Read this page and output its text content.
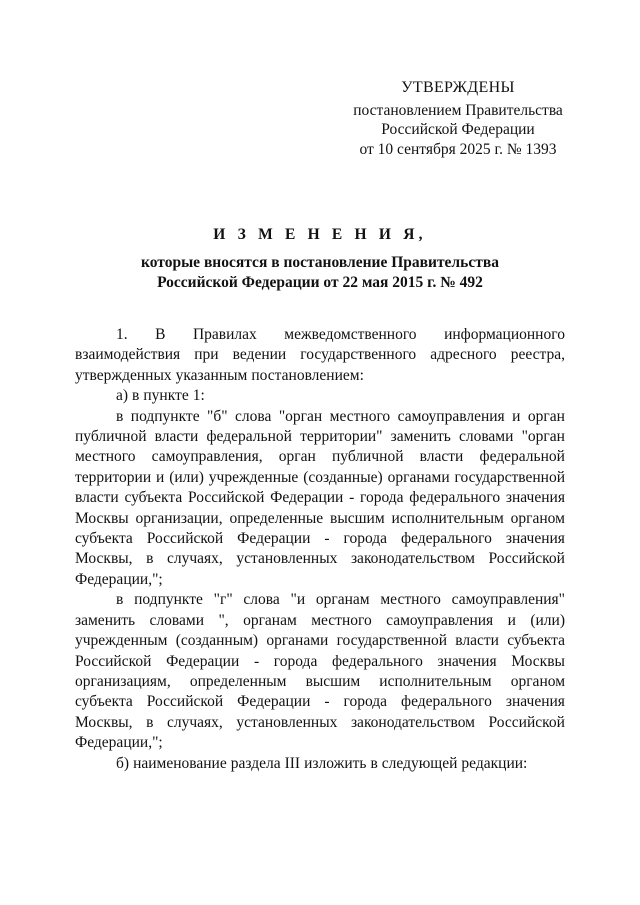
УТВЕРЖДЕНЫ
постановлением Правительства
Российской Федерации
от 10 сентября 2025 г. № 1393
И З М Е Н Е Н И Я,
которые вносятся в постановление Правительства
Российской Федерации от 22 мая 2015 г. № 492
1. В Правилах межведомственного информационного
взаимодействия при ведении государственного адресного реестра,
утвержденных указанным постановлением:
а) в пункте 1:
в подпункте "б" слова "орган местного самоуправления и орган
публичной власти федеральной территории" заменить словами "орган
местного самоуправления, орган публичной власти федеральной
территории и (или) учрежденные (созданные) органами государственной
власти субъекта Российской Федерации - города федерального значения
Москвы организации, определенные высшим исполнительным органом
субъекта Российской Федерации - города федерального значения
Москвы, в случаях, установленных законодательством Российской
Федерации,";
в подпункте "г" слова "и органам местного самоуправления"
заменить словами ", органам местного самоуправления и (или)
учрежденным (созданным) органами государственной власти субъекта
Российской Федерации - города федерального значения Москвы
организациям, определенным высшим исполнительным органом
субъекта Российской Федерации - города федерального значения
Москвы, в случаях, установленных законодательством Российской
Федерации,";
б) наименование раздела III изложить в следующей редакции:
